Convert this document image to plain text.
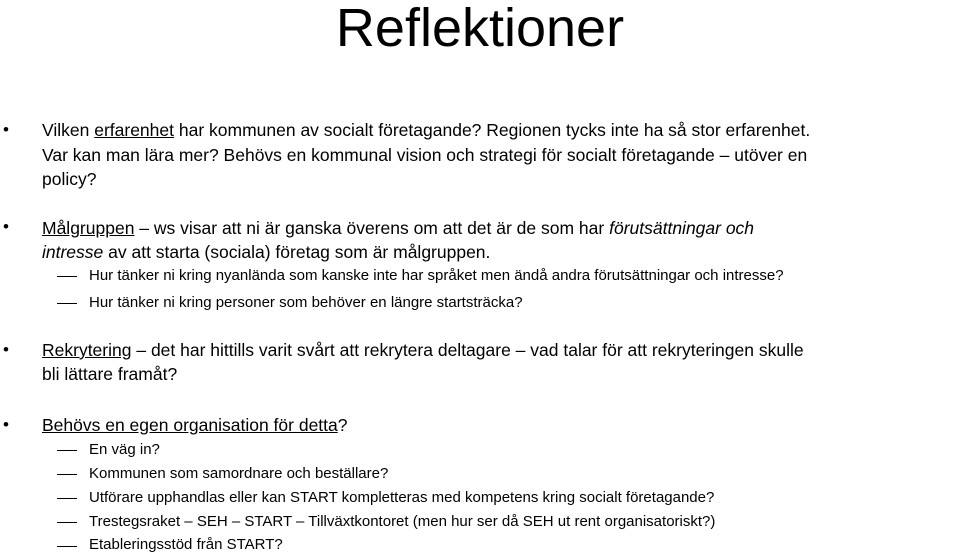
Reflektioner
• Vilken erfarenhet har kommunen av socialt företagande? Regionen tycks inte ha så stor erfarenhet.
Var kan man lära mer? Behövs en kommunal vision och strategi för socialt företagande – utöver en
policy?
• Målgruppen – ws visar att ni är ganska överens om att det är de som har förutsättningar och
intresse av att starta (sociala) företag som är målgruppen.
Hur tänker ni kring nyanlända som kanske inte har språket men ändå andra förutsättningar och intresse?
Hur tänker ni kring personer som behöver en längre startsträcka?
• Rekrytering – det har hittills varit svårt att rekrytera deltagare – vad talar för att rekryteringen skulle
bli lättare framåt?
• Behövs en egen organisation för detta?
En väg in?
Kommunen som samordnare och beställare?
Utförare upphandlas eller kan START kompletteras med kompetens kring socialt företagande?
Trestegsraket – SEH – START – Tillväxtkontoret (men hur ser då SEH ut rent organisatoriskt?)
Etableringsstöd från START?
